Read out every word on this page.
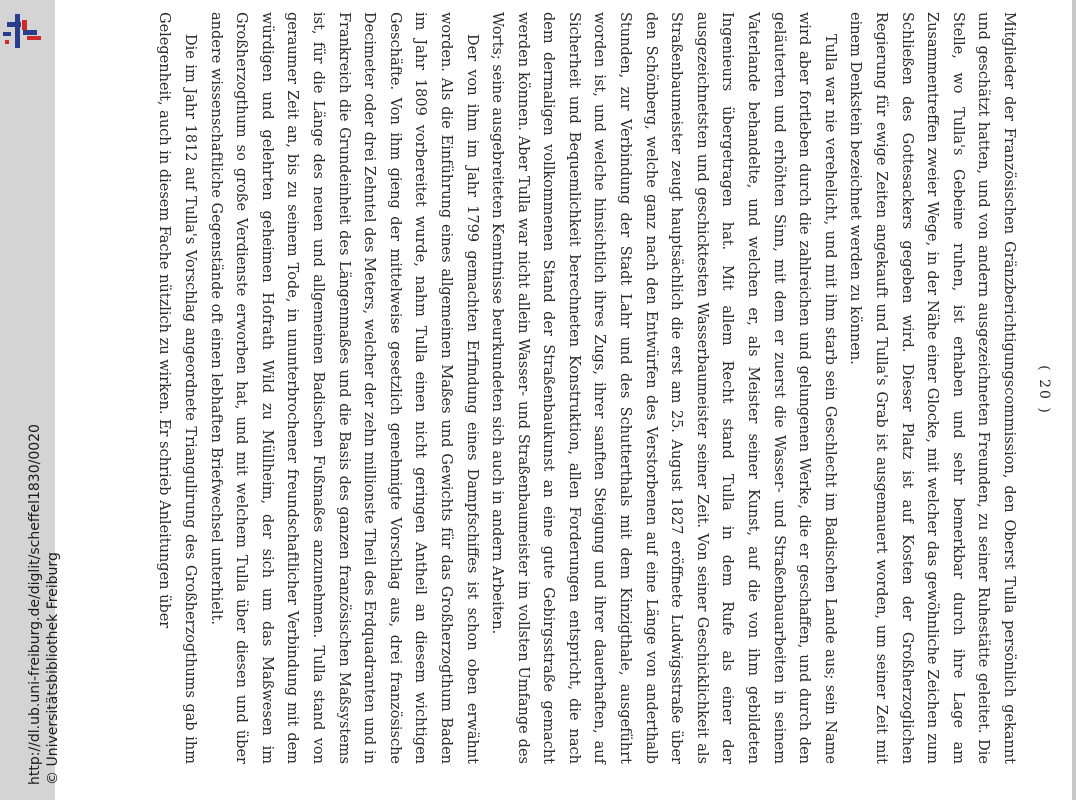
http://dl.ub.uni-freiburg.de/diglit/scheffel1830/0020 © Universitätsbibliothek Freiburg
( 20 )

Mitglieder der Französischen Gränzberichtigungscommission, den Oberst Tulla persönlich gekannt und geschätzt hatten, und von andern ausgezeichneten Freunden, zu seiner Ruhestätte geleitet. Die Stelle, wo Tulla's Gebeine ruhen, ist erhaben und sehr bemerkbar durch ihre Lage am Zusammentreffen zweier Wege, in der Nähe einer Glocke, mit welcher das gewöhnliche Zeichen zum Schließen des Gottesackers gegeben wird. Dieser Platz ist auf Kosten der Großherzoglichen Regierung für ewige Zeiten angekauft und Tulla's Grab ist ausgemauert worden, um seiner Zeit mit einem Denkstein bezeichnet werden zu können.

Tulla war nie verehelicht, und mit ihm starb sein Geschlecht im Badischen Lande aus; sein Name wird aber fortleben durch die zahlreichen und gelungenen Werke, die er geschaffen, und durch den geläuterten und erhöhten Sinn, mit dem er zuerst die Wasser- und Straßenbauarbeiten in seinem Vaterlande behandelte, und welchen er, als Meister seiner Kunst, auf die von ihm gebildeten Ingenieurs übergetragen hat. Mit allem Recht stand Tulla in dem Rufe als einer der ausgezeichnetsten und geschicktesten Wasserbaumeister seiner Zeit. Von seiner Geschicklichkeit als Straßenbaumeister zeugt hauptsächlich die erst am 25. August 1827 eröffnete Ludwigsstraße über den Schönberg, welche ganz nach den Entwürfen des Verstorbenen auf eine Länge von anderthalb Stunden, zur Verbindung der Stadt Lahr und des Schutterthals mit dem Kinzigthale, ausgeführt worden ist, und welche hinsichtlich ihres Zugs, ihrer sanften Steigung und ihrer dauerhaften, auf Sicherheit und Bequemlichkeit berechneten Konstruktion, allen Forderungen entspricht, die nach dem dermaligen vollkommenen Stand der Straßenbaukunst an eine gute Gebirgsstraße gemacht werden können. Aber Tulla war nicht allein Wasser- und Straßenbaumeister im vollsten Umfange des Worts; seine ausgebreiteten Kenntnisse beurkundeten sich auch in andern Arbeiten.

Der von ihm im Jahr 1799 gemachten Erfindung eines Dampfschiffes ist schon oben erwähnt worden. Als die Einführung eines allgemeinen Maßes und Gewichts für das Großherzogthum Baden im Jahr 1809 vorbereitet wurde, nahm Tulla einen nicht geringen Antheil an diesem wichtigen Geschäfte. Von ihm gieng der mittelweise gesetzlich genehmigte Vorschlag aus, drei französische Decimeter oder drei Zehntel des Meters, welcher der zehn millionste Theil des Erdquadranten und in Frankreich die Grundeinheit des Längenmaßes und die Basis des ganzen französischen Maßsystems ist, für die Länge des neuen und allgemeinen Badischen Fußmaßes anzunehmen. Tulla stand von geraumer Zeit an, bis zu seinem Tode, in ununterbrochener freundschaftlicher Verbindung mit dem würdigen und gelehrten geheimen Hofrath Wild zu Müllheim, der sich um das Maßwesen im Großherzogthum so große Verdienste erworben hat, und mit welchem Tulla über diesen und über andere wissenschaftliche Gegenstände oft einen lebhaften Briefwechsel unterhielt.

Die im Jahr 1812 auf Tulla's Vorschlag angeordnete Triangulirung des Großherzogthums gab ihm Gelegenheit, auch in diesem Fache nützlich zu wirken. Er schrieb Anleitungen über
